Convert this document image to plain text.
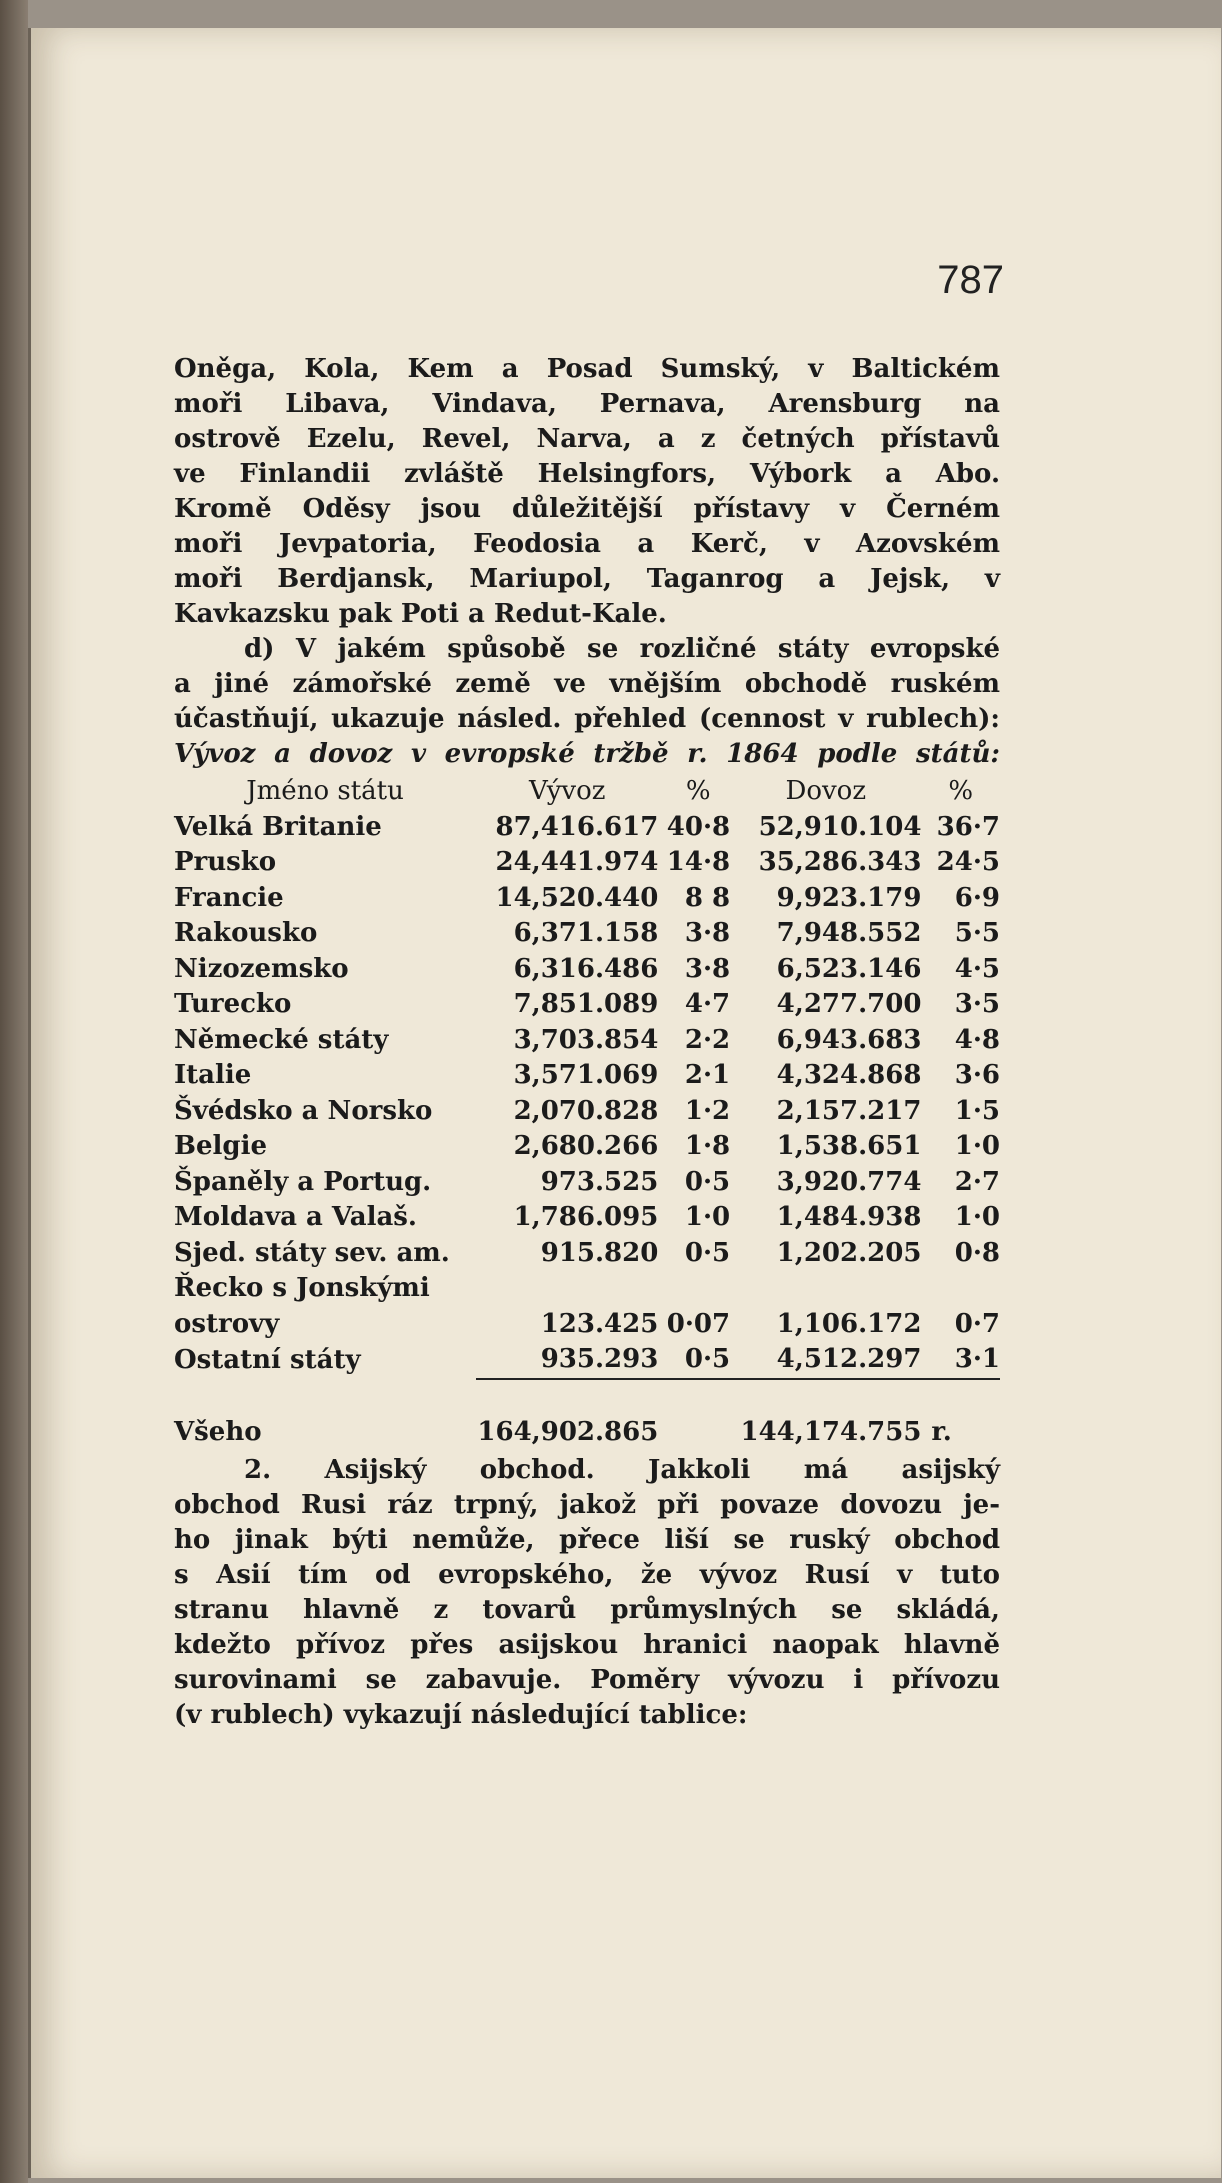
787
Oněga, Kola, Kem a Posad Sumský, v Baltickém
moři Libava, Vindava, Pernava, Arensburg na
ostrově Ezelu, Revel, Narva, a z četných přístavů
ve Finlandii zvláště Helsingfors, Výbork a Abo.
Kromě Oděsy jsou důležitější přístavy v Černém
moři Jevpatoria, Feodosia a Kerč, v Azovském
moři Berdjansk, Mariupol, Taganrog a Jejsk, v
Kavkazsku pak Poti a Redut-Kale.
d) V jakém spůsobě se rozličné státy evropské
a jiné zámořské země ve vnějším obchodě ruském
účastňují, ukazuje násled. přehled (cennost v rublech):
Vývoz a dovoz v evropské tržbě r. 1864 podle států:
Jméno státu	Vývoz	%	Dovoz	%
Velká Britanie	87,416.617	40·8	52,910.104	36·7
Prusko	24,441.974	14·8	35,286.343	24·5
Francie	14,520.440	8 8	9,923.179	6·9
Rakousko	6,371.158	3·8	7,948.552	5·5
Nizozemsko	6,316.486	3·8	6,523.146	4·5
Turecko	7,851.089	4·7	4,277.700	3·5
Německé státy	3,703.854	2·2	6,943.683	4·8
Italie	3,571.069	2·1	4,324.868	3·6
Švédsko a Norsko	2,070.828	1·2	2,157.217	1·5
Belgie	2,680.266	1·8	1,538.651	1·0
Španěly a Portug.	973.525	0·5	3,920.774	2·7
Moldava a Valaš.	1,786.095	1·0	1,484.938	1·0
Sjed. státy sev. am.	915.820	0·5	1,202.205	0·8
Řecko s Jonskými				
ostrovy	123.425	0·07	1,106.172	0·7
Ostatní státy	935.293	0·5	4,512.297	3·1

Všeho	164,902.865		144,174.755	r.
2. Asijský obchod. Jakkoli má asijský
obchod Rusi ráz trpný, jakož při povaze dovozu je-
ho jinak býti nemůže, přece liší se ruský obchod
s Asií tím od evropského, že vývoz Rusí v tuto
stranu hlavně z tovarů průmyslných se skládá,
kdežto přívoz přes asijskou hranici naopak hlavně
surovinami se zabavuje. Poměry vývozu i přívozu
(v rublech) vykazují následující tablice:
